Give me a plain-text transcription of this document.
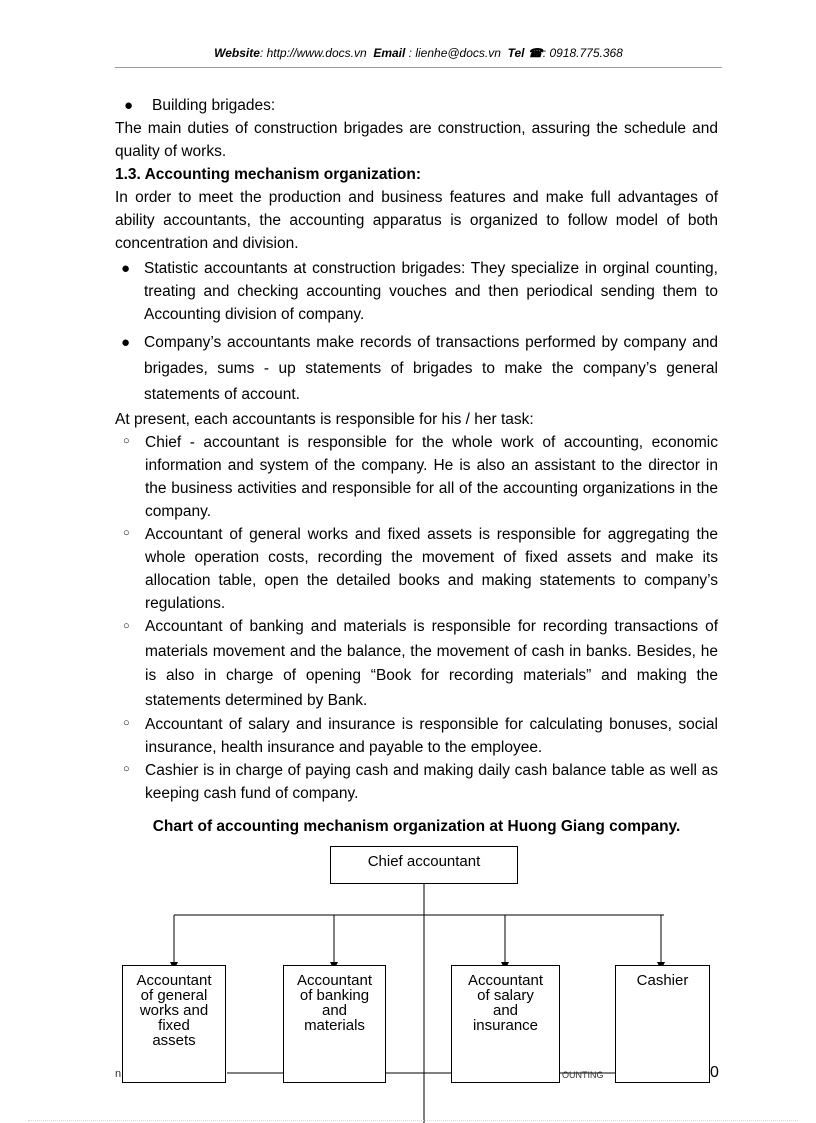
Website: http://www.docs.vn Email : lienhe@docs.vn Tel ☎: 0918.775.368

● Building brigades:

The main duties of construction brigades are construction, assuring the schedule and quality of works.

1.3. Accounting mechanism organization:

In order to meet the production and business features and make full advantages of ability accountants, the accounting apparatus is organized to follow model of both concentration and division.

● Statistic accountants at construction brigades: They specialize in orginal counting, treating and checking accounting vouches and then periodical sending them to Accounting division of company.

● Company’s accountants make records of transactions performed by company and brigades, sums - up statements of brigades to make the company’s general statements of account.

At present, each accountants is responsible for his / her task:

○ Chief - accountant is responsible for the whole work of accounting, economic information and system of the company. He is also an assistant to the director in the business activities and responsible for all of the accounting organizations in the company.

○ Accountant of general works and fixed assets is responsible for aggregating the whole operation costs, recording the movement of fixed assets and make its allocation table, open the detailed books and making statements to company’s regulations.

○ Accountant of banking and materials is responsible for recording transactions of materials movement and the balance, the movement of cash in banks. Besides, he is also in charge of opening “Book for recording materials” and making the statements determined by Bank.

○ Accountant of salary and insurance is responsible for calculating bonuses, social insurance, health insurance and payable to the employee.

○ Cashier is in charge of paying cash and making daily cash balance table as well as keeping cash fund of company.

Chart of accounting mechanism organization at Huong Giang company.
Chief accountant
Accountant
of general
works and
fixed
assets
Accountant
of banking
and
materials
Accountant
of salary
and
insurance
Cashier
n	OUNTING	0
